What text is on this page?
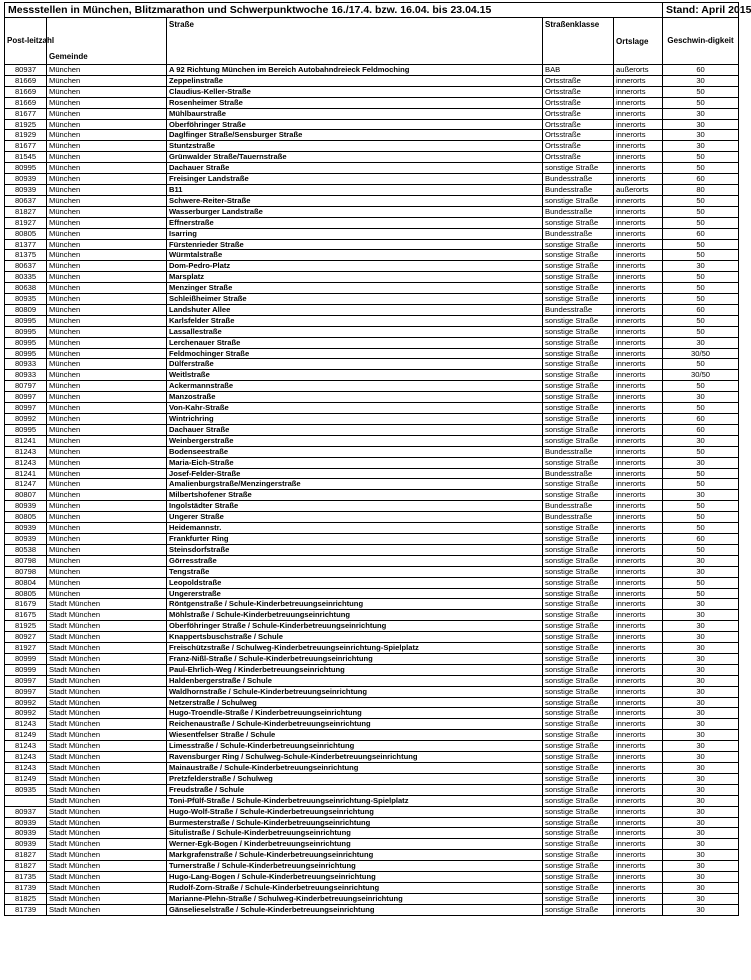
Messstellen in München, Blitzmarathon und Schwerpunktwoche 16./17.4. bzw. 16.04. bis 23.04.15					Stand: April 2015
Post-leitzahl	Gemeinde	Straße	Straßenklasse	Ortslage	Geschwin-digkeit
80937	München	A 92 Richtung München im Bereich Autobahndreieck Feldmoching	BAB	außerorts	60
81669	München	Zeppelinstraße	Ortsstraße	innerorts	30
81669	München	Claudius-Keller-Straße	Ortsstraße	innerorts	50
81669	München	Rosenheimer Straße	Ortsstraße	innerorts	50
81677	München	Mühlbaurstraße	Ortsstraße	innerorts	30
81925	München	Oberföhringer Straße	Ortsstraße	innerorts	30
81929	München	Daglfinger Straße/Sensburger Straße	Ortsstraße	innerorts	30
81677	München	Stuntzstraße	Ortsstraße	innerorts	30
81545	München	Grünwalder Straße/Tauernstraße	Ortsstraße	innerorts	50
80995	München	Dachauer Straße	sonstige Straße	innerorts	50
80939	München	Freisinger Landstraße	Bundesstraße	innerorts	60
80939	München	B11	Bundesstraße	außerorts	80
80637	München	Schwere-Reiter-Straße	sonstige Straße	innerorts	50
81827	München	Wasserburger Landstraße	Bundesstraße	innerorts	50
81927	München	Effnerstraße	sonstige Straße	innerorts	50
80805	München	Isarring	Bundesstraße	innerorts	60
81377	München	Fürstenrieder Straße	sonstige Straße	innerorts	50
81375	München	Würmtalstraße	sonstige Straße	innerorts	50
80637	München	Dom-Pedro-Platz	sonstige Straße	innerorts	30
80335	München	Marsplatz	sonstige Straße	innerorts	50
80638	München	Menzinger Straße	sonstige Straße	innerorts	50
80935	München	Schleißheimer Straße	sonstige Straße	innerorts	50
80809	München	Landshuter Allee	Bundesstraße	innerorts	60
80995	München	Karlsfelder Straße	sonstige Straße	innerorts	50
80995	München	Lassallestraße	sonstige Straße	innerorts	50
80995	München	Lerchenauer Straße	sonstige Straße	innerorts	30
80995	München	Feldmochinger Straße	sonstige Straße	innerorts	30/50
80933	München	Dülferstraße	sonstige Straße	innerorts	50
80933	München	Weitlstraße	sonstige Straße	innerorts	30/50
80797	München	Ackermannstraße	sonstige Straße	innerorts	50
80997	München	Manzostraße	sonstige Straße	innerorts	30
80997	München	Von-Kahr-Straße	sonstige Straße	innerorts	50
80992	München	Wintrichring	sonstige Straße	innerorts	60
80995	München	Dachauer Straße	sonstige Straße	innerorts	60
81241	München	Weinbergerstraße	sonstige Straße	innerorts	30
81243	München	Bodenseestraße	Bundesstraße	innerorts	50
81243	München	Maria-Eich-Straße	sonstige Straße	innerorts	30
81241	München	Josef-Felder-Straße	Bundesstraße	innerorts	50
81247	München	Amalienburgstraße/Menzingerstraße	sonstige Straße	innerorts	50
80807	München	Milbertshofener Straße	sonstige Straße	innerorts	30
80939	München	Ingolstädter Straße	Bundesstraße	innerorts	50
80805	München	Ungerer Straße	Bundesstraße	innerorts	50
80939	München	Heidemannstr.	sonstige Straße	innerorts	50
80939	München	Frankfurter Ring	sonstige Straße	innerorts	60
80538	München	Steinsdorfstraße	sonstige Straße	innerorts	50
80798	München	Görresstraße	sonstige Straße	innerorts	30
80798	München	Tengstraße	sonstige Straße	innerorts	30
80804	München	Leopoldstraße	sonstige Straße	innerorts	50
80805	München	Ungererstraße	sonstige Straße	innerorts	50
81679	Stadt München	Röntgenstraße / Schule-Kinderbetreuungseinrichtung	sonstige Straße	innerorts	30
81675	Stadt München	Möhlstraße / Schule-Kinderbetreuungseinrichtung	sonstige Straße	innerorts	30
81925	Stadt München	Oberföhringer Straße / Schule-Kinderbetreuungseinrichtung	sonstige Straße	innerorts	30
80927	Stadt München	Knappertsbuschstraße / Schule	sonstige Straße	innerorts	30
81927	Stadt München	Freischützstraße / Schulweg-Kinderbetreuungseinrichtung-Spielplatz	sonstige Straße	innerorts	30
80999	Stadt München	Franz-Nißl-Straße / Schule-Kinderbetreuungseinrichtung	sonstige Straße	innerorts	30
80999	Stadt München	Paul-Ehrlich-Weg / Kinderbetreuungseinrichtung	sonstige Straße	innerorts	30
80997	Stadt München	Haldenbergerstraße / Schule	sonstige Straße	innerorts	30
80997	Stadt München	Waldhornstraße / Schule-Kinderbetreuungseinrichtung	sonstige Straße	innerorts	30
80992	Stadt München	Netzerstraße / Schulweg	sonstige Straße	innerorts	30
80992	Stadt München	Hugo-Troendle-Straße / Kinderbetreuungseinrichtung	sonstige Straße	innerorts	30
81243	Stadt München	Reichenaustraße / Schule-Kinderbetreuungseinrichtung	sonstige Straße	innerorts	30
81249	Stadt München	Wiesentfelser Straße / Schule	sonstige Straße	innerorts	30
81243	Stadt München	Limesstraße / Schule-Kinderbetreuungseinrichtung	sonstige Straße	innerorts	30
81243	Stadt München	Ravensburger Ring / Schulweg-Schule-Kinderbetreuungseinrichtung	sonstige Straße	innerorts	30
81243	Stadt München	Mainaustraße / Schule-Kinderbetreuungseinrichtung	sonstige Straße	innerorts	30
81249	Stadt München	Pretzfelderstraße / Schulweg	sonstige Straße	innerorts	30
80935	Stadt München	Freudstraße / Schule	sonstige Straße	innerorts	30
	Stadt München	Toni-Pfülf-Straße / Schule-Kinderbetreuungseinrichtung-Spielplatz	sonstige Straße	innerorts	30
80937	Stadt München	Hugo-Wolf-Straße / Schule-Kinderbetreuungseinrichtung	sonstige Straße	innerorts	30
80939	Stadt München	Burmesterstraße / Schule-Kinderbetreuungseinrichtung	sonstige Straße	innerorts	30
80939	Stadt München	Situlistraße / Schule-Kinderbetreuungseinrichtung	sonstige Straße	innerorts	30
80939	Stadt München	Werner-Egk-Bogen / Kinderbetreuungseinrichtung	sonstige Straße	innerorts	30
81827	Stadt München	Markgrafenstraße / Schule-Kinderbetreuungseinrichtung	sonstige Straße	innerorts	30
81827	Stadt München	Turnerstraße / Schule-Kinderbetreuungseinrichtung	sonstige Straße	innerorts	30
81735	Stadt München	Hugo-Lang-Bogen / Schule-Kinderbetreuungseinrichtung	sonstige Straße	innerorts	30
81739	Stadt München	Rudolf-Zorn-Straße / Schule-Kinderbetreuungseinrichtung	sonstige Straße	innerorts	30
81825	Stadt München	Marianne-Plehn-Straße / Schulweg-Kinderbetreuungseinrichtung	sonstige Straße	innerorts	30
81739	Stadt München	Gänselieselstraße / Schule-Kinderbetreuungseinrichtung	sonstige Straße	innerorts	30
